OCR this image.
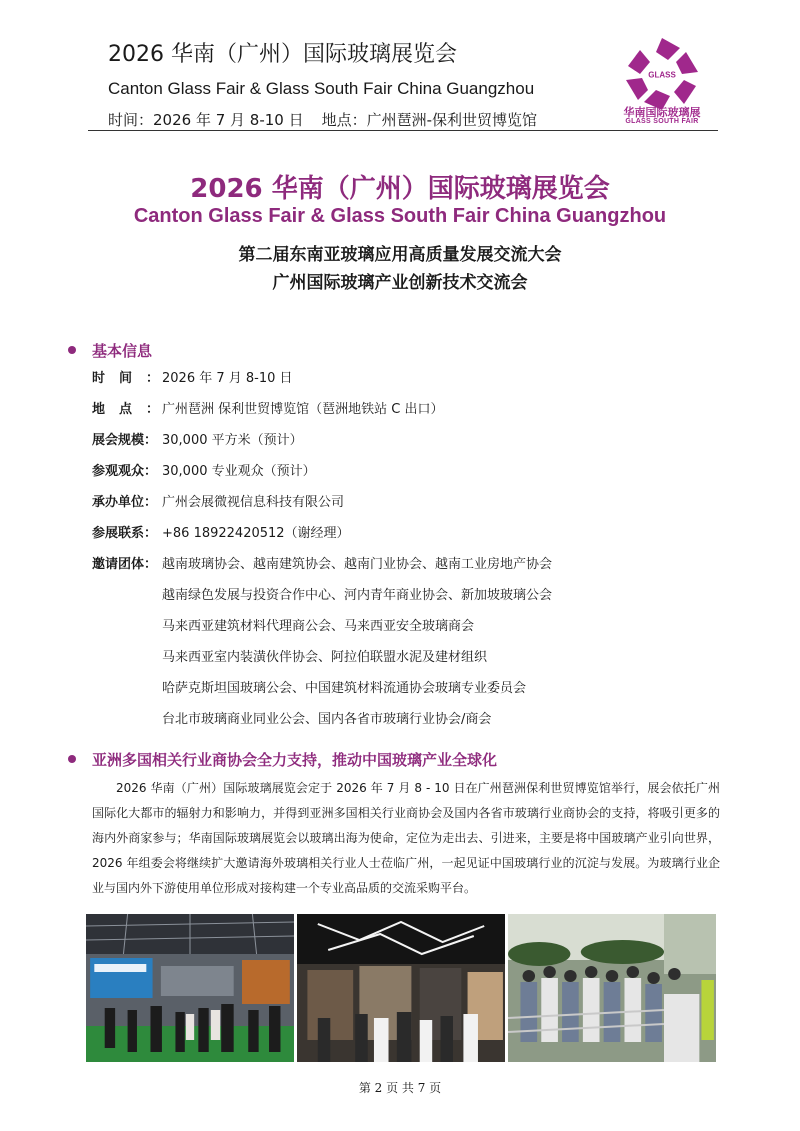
2026 华南（广州）国际玻璃展览会
Canton Glass Fair & Glass South Fair China Guangzhou
时间：2026 年 7 月 8-10 日 地点：广州琶洲-保利世贸博览馆
GLASS
华南国际玻璃展
GLASS SOUTH FAIR
2026 华南（广州）国际玻璃展览会
Canton Glass Fair & Glass South Fair China Guangzhou
第二届东南亚玻璃应用高质量发展交流大会
广州国际玻璃产业创新技术交流会
基本信息
时间：
2026 年 7 月 8-10 日
地点：
广州琶洲 保利世贸博览馆（琶洲地铁站 C 出口）
展会规模： 30,000 平方米（预计）
参观观众： 30,000 专业观众（预计）
承办单位： 广州会展微视信息科技有限公司
参展联系： +86 18922420512（谢经理）
邀请团体： 越南玻璃协会、越南建筑协会、越南门业协会、越南工业房地产协会
越南绿色发展与投资合作中心、河内青年商业协会、新加坡玻璃公会
马来西亚建筑材料代理商公会、马来西亚安全玻璃商会
马来西亚室内装潢伙伴协会、阿拉伯联盟水泥及建材组织
哈萨克斯坦国玻璃公会、中国建筑材料流通协会玻璃专业委员会
台北市玻璃商业同业公会、国内各省市玻璃行业协会/商会
亚洲多国相关行业商协会全力支持，推动中国玻璃产业全球化

2026 华南（广州）国际玻璃展览会定于 2026 年 7 月 8 - 10 日在广州琶洲保利世贸博览馆举行，展会依托广州国际化大都市的辐射力和影响力，并得到亚洲多国相关行业商协会及国内各省市玻璃行业商协会的支持，将吸引更多的海内外商家参与；华南国际玻璃展览会以玻璃出海为使命，定位为走出去、引进来，主要是将中国玻璃产业引向世界，2026 年组委会将继续扩大邀请海外玻璃相关行业人士莅临广州，一起见证中国玻璃行业的沉淀与发展。为玻璃行业企业与国内外下游使用单位形成对接构建一个专业高品质的交流采购平台。

第 2 页 共 7 页
